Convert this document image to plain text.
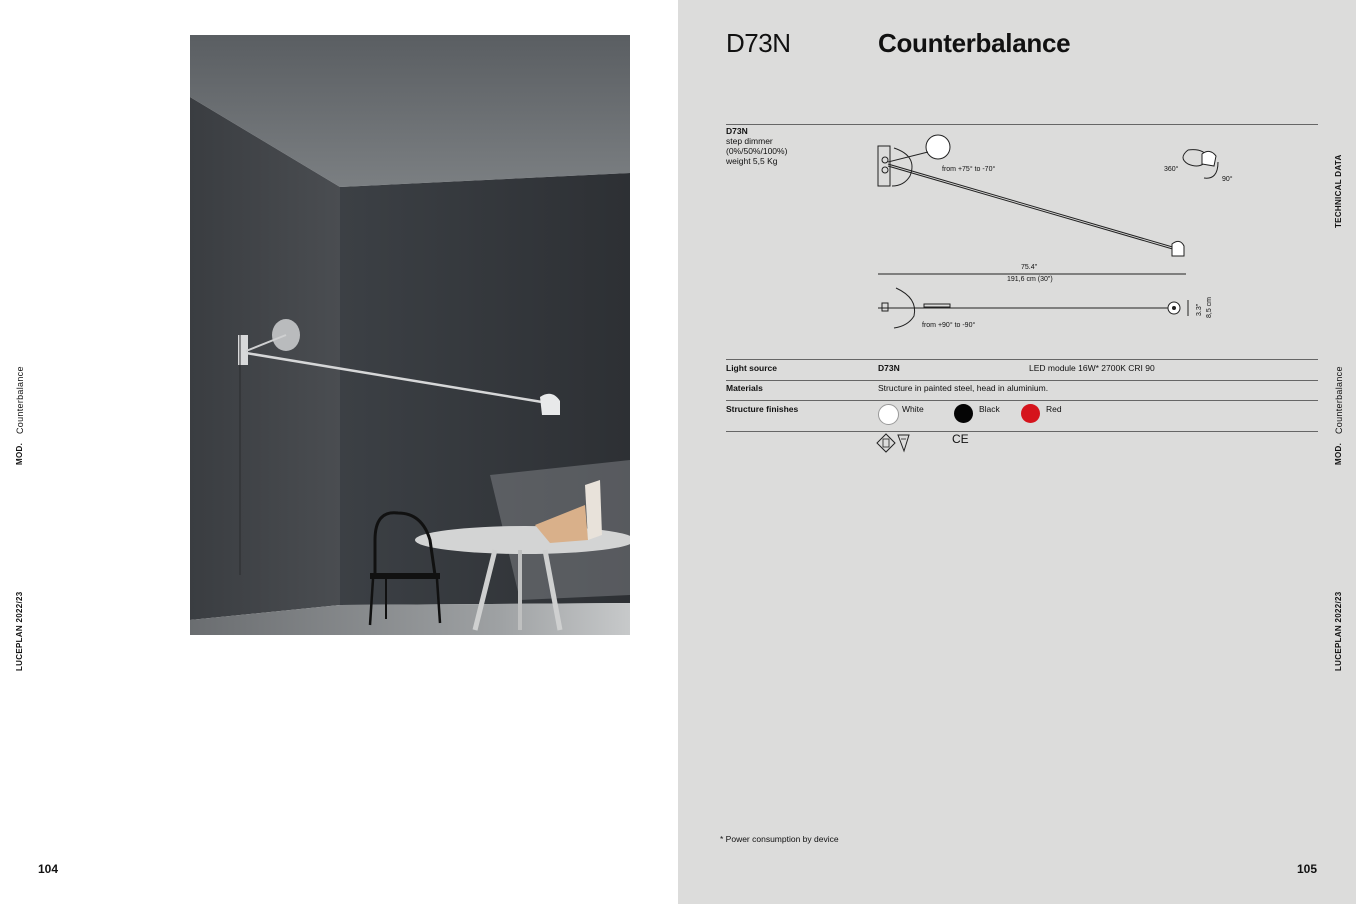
Counterbalance
MOD.
LUCEPLAN 2022/23
104
D73N	Counterbalance
D73N
step dimmer
(0%/50%/100%)
weight 5,5 Kg
from +75° to -70°	360°
90°
75.4"
191,6 cm (30")
from +90° to -90°
3.3" 8,5 cm
Light source	D73N	LED module 16W* 2700K CRI 90
Materials	Structure in painted steel, head in aluminium.
Structure finishes	White	Black	Red
CE
* Power consumption by device
TECHNICAL DATA
Counterbalance
MOD.
LUCEPLAN 2022/23
105
